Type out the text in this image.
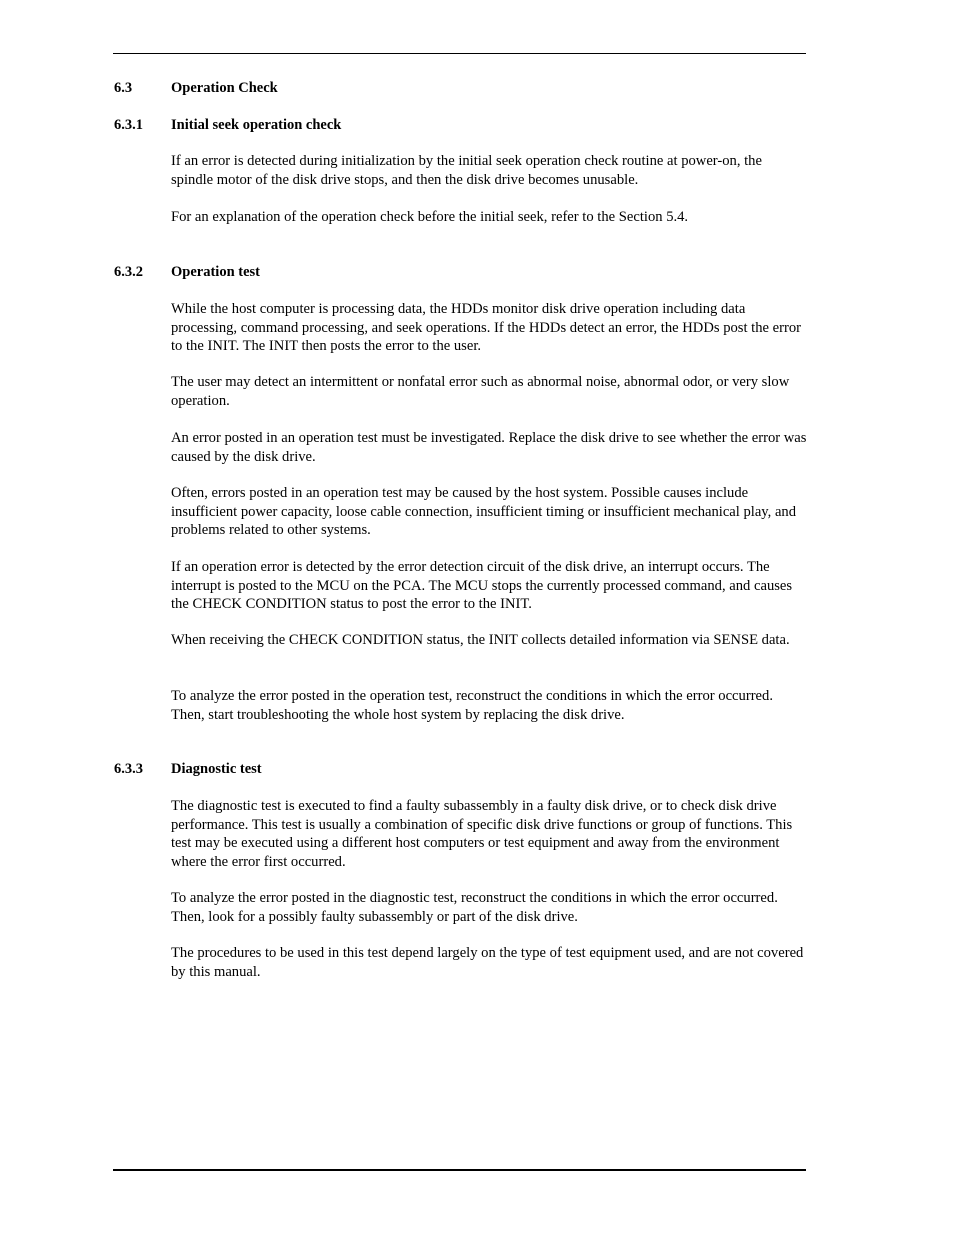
6.3	Operation Check
6.3.1 Initial seek operation check

If an error is detected during initialization by the initial seek operation check routine at power-on, the spindle motor of the disk drive stops, and then the disk drive becomes unusable.

For an explanation of the operation check before the initial seek, refer to the Section 5.4.

6.3.2 Operation test

While the host computer is processing data, the HDDs monitor disk drive operation including data processing, command processing, and seek operations. If the HDDs detect an error, the HDDs post the error to the INIT. The INIT then posts the error to the user.

The user may detect an intermittent or nonfatal error such as abnormal noise, abnormal odor, or very slow operation.

An error posted in an operation test must be investigated. Replace the disk drive to see whether the error was caused by the disk drive.

Often, errors posted in an operation test may be caused by the host system. Possible causes include insufficient power capacity, loose cable connection, insufficient timing or insufficient mechanical play, and problems related to other systems.

If an operation error is detected by the error detection circuit of the disk drive, an interrupt occurs. The interrupt is posted to the MCU on the PCA. The MCU stops the currently processed command, and causes the CHECK CONDITION status to post the error to the INIT.

When receiving the CHECK CONDITION status, the INIT collects detailed information via SENSE data.

To analyze the error posted in the operation test, reconstruct the conditions in which the error occurred. Then, start troubleshooting the whole host system by replacing the disk drive.

6.3.3 Diagnostic test

The diagnostic test is executed to find a faulty subassembly in a faulty disk drive, or to check disk drive performance. This test is usually a combination of specific disk drive functions or group of functions. This test may be executed using a different host computers or test equipment and away from the environment where the error first occurred.

To analyze the error posted in the diagnostic test, reconstruct the conditions in which the error occurred. Then, look for a possibly faulty subassembly or part of the disk drive.

The procedures to be used in this test depend largely on the type of test equipment used, and are not covered by this manual.
